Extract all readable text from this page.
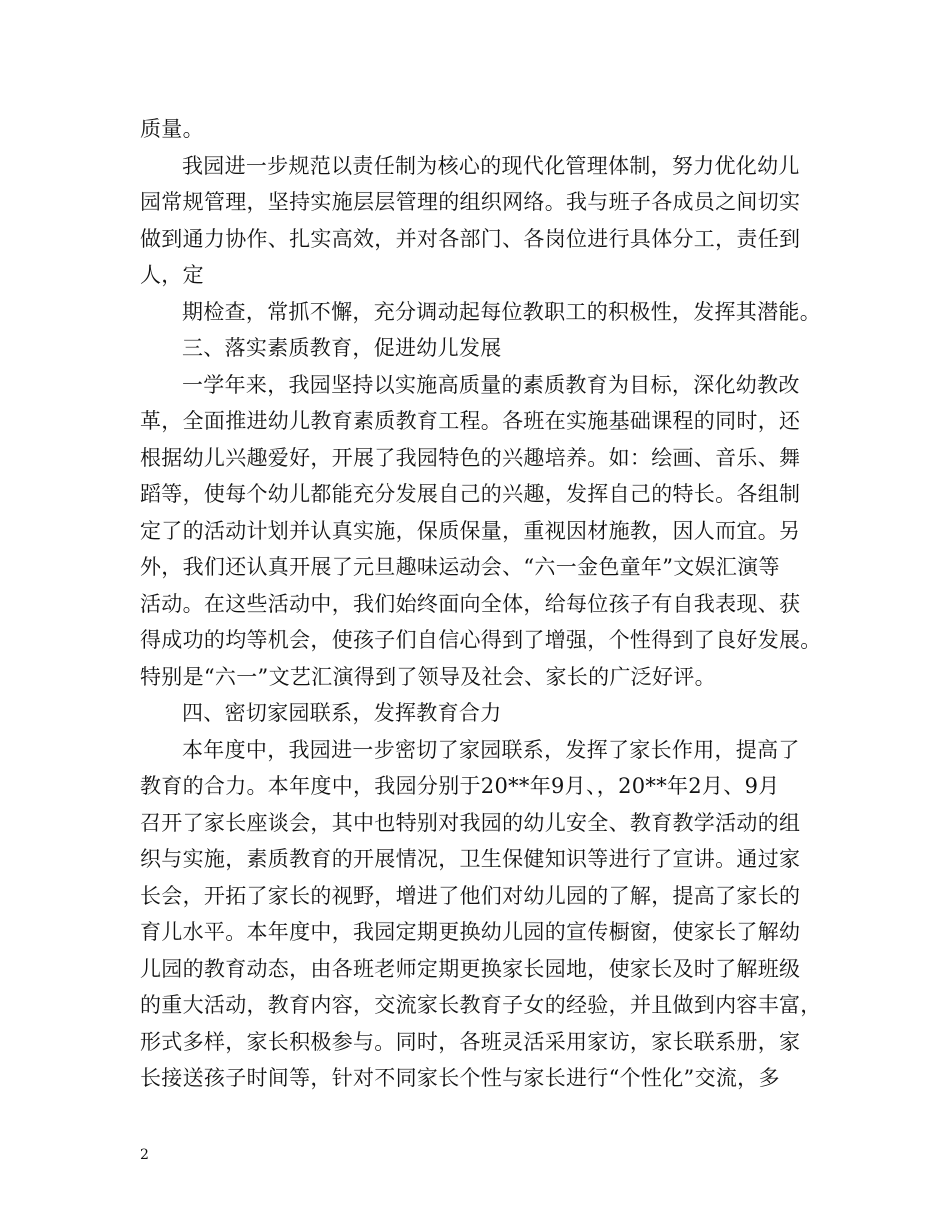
质量。
我园进一步规范以责任制为核心的现代化管理体制，努力优化幼儿
园常规管理，坚持实施层层管理的组织网络。我与班子各成员之间切实
做到通力协作、扎实高效，并对各部门、各岗位进行具体分工，责任到
人，定
期检查，常抓不懈，充分调动起每位教职工的积极性，发挥其潜能。
三、落实素质教育，促进幼儿发展
一学年来，我园坚持以实施高质量的素质教育为目标，深化幼教改
革，全面推进幼儿教育素质教育工程。各班在实施基础课程的同时，还
根据幼儿兴趣爱好，开展了我园特色的兴趣培养。如：绘画、音乐、舞
蹈等，使每个幼儿都能充分发展自己的兴趣，发挥自己的特长。各组制
定了的活动计划并认真实施，保质保量，重视因材施教，因人而宜。另
外，我们还认真开展了元旦趣味运动会、“六一金色童年”文娱汇演等
活动。在这些活动中，我们始终面向全体，给每位孩子有自我表现、获
得成功的均等机会，使孩子们自信心得到了增强，个性得到了良好发展。
特别是“六一”文艺汇演得到了领导及社会、家长的广泛好评。
四、密切家园联系，发挥教育合力
本年度中，我园进一步密切了家园联系，发挥了家长作用，提高了
教育的合力。本年度中，我园分别于20**年9月、，20**年2月、9月
召开了家长座谈会，其中也特别对我园的幼儿安全、教育教学活动的组
织与实施，素质教育的开展情况，卫生保健知识等进行了宣讲。通过家
长会，开拓了家长的视野，增进了他们对幼儿园的了解，提高了家长的
育儿水平。本年度中，我园定期更换幼儿园的宣传橱窗，使家长了解幼
儿园的教育动态，由各班老师定期更换家长园地，使家长及时了解班级
的重大活动，教育内容，交流家长教育子女的经验，并且做到内容丰富，
形式多样，家长积极参与。同时，各班灵活采用家访，家长联系册，家
长接送孩子时间等，针对不同家长个性与家长进行“个性化”交流，多
2
